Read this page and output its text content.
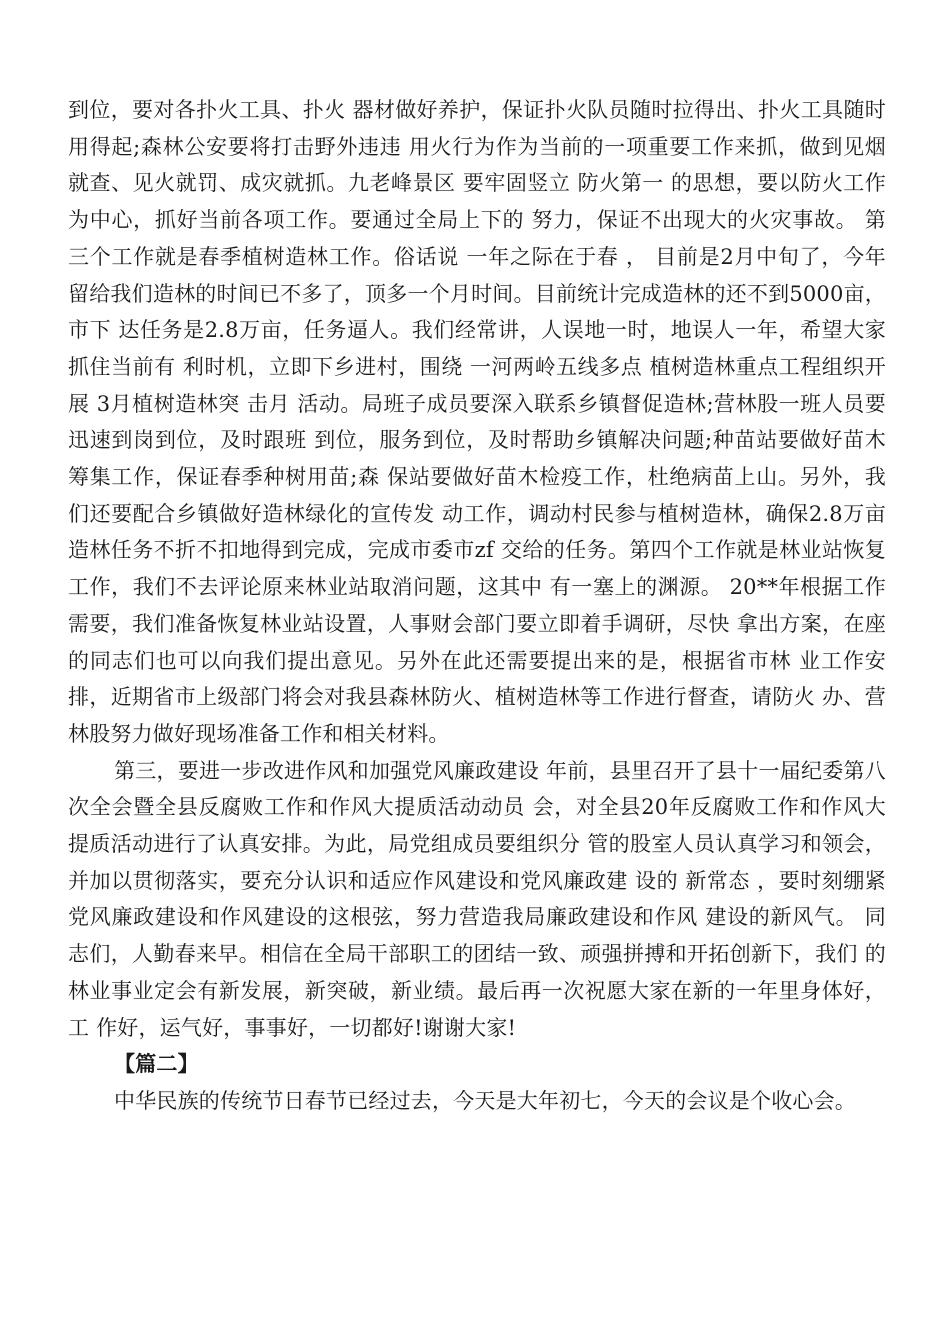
到位，要对各扑火工具、扑火 器材做好养护，保证扑火队员随时拉得出、扑火工具随时用得起;森林公安要将打击野外违违 用火行为作为当前的一项重要工作来抓，做到见烟就查、见火就罚、成灾就抓。九老峰景区 要牢固竖立 防火第一 的思想，要以防火工作为中心，抓好当前各项工作。要通过全局上下的 努力，保证不出现大的火灾事故。 第三个工作就是春季植树造林工作。俗话说 一年之际在于春 ， 目前是2月中旬了，今年 留给我们造林的时间已不多了，顶多一个月时间。目前统计完成造林的还不到5000亩，市下 达任务是2.8万亩，任务逼人。我们经常讲，人误地一时，地误人一年，希望大家抓住当前有 利时机，立即下乡进村，围绕 一河两岭五线多点 植树造林重点工程组织开展 3月植树造林突 击月 活动。局班子成员要深入联系乡镇督促造林;营林股一班人员要迅速到岗到位，及时跟班 到位，服务到位，及时帮助乡镇解决问题;种苗站要做好苗木筹集工作，保证春季种树用苗;森 保站要做好苗木检疫工作，杜绝病苗上山。另外，我们还要配合乡镇做好造林绿化的宣传发 动工作，调动村民参与植树造林，确保2.8万亩造林任务不折不扣地得到完成，完成市委市zf 交给的任务。第四个工作就是林业站恢复工作，我们不去评论原来林业站取消问题，这其中 有一塞上的渊源。 20**年根据工作需要，我们准备恢复林业站设置，人事财会部门要立即着手调研，尽快 拿出方案，在座的同志们也可以向我们提出意见。另外在此还需要提出来的是，根据省市林 业工作安排，近期省市上级部门将会对我县森林防火、植树造林等工作进行督查，请防火 办、营林股努力做好现场准备工作和相关材料。

第三，要进一步改进作风和加强党风廉政建设 年前，县里召开了县十一届纪委第八次全会暨全县反腐败工作和作风大提质活动动员 会，对全县20年反腐败工作和作风大提质活动进行了认真安排。为此，局党组成员要组织分 管的股室人员认真学习和领会，并加以贯彻落实，要充分认识和适应作风建设和党风廉政建 设的 新常态 ，要时刻绷紧党风廉政建设和作风建设的这根弦，努力营造我局廉政建设和作风 建设的新风气。 同志们，人勤春来早。相信在全局干部职工的团结一致、顽强拼搏和开拓创新下，我们 的林业事业定会有新发展，新突破，新业绩。最后再一次祝愿大家在新的一年里身体好，工 作好，运气好，事事好，一切都好!谢谢大家!

【篇二】

中华民族的传统节日春节已经过去，今天是大年初七，今天的会议是个收心会。
